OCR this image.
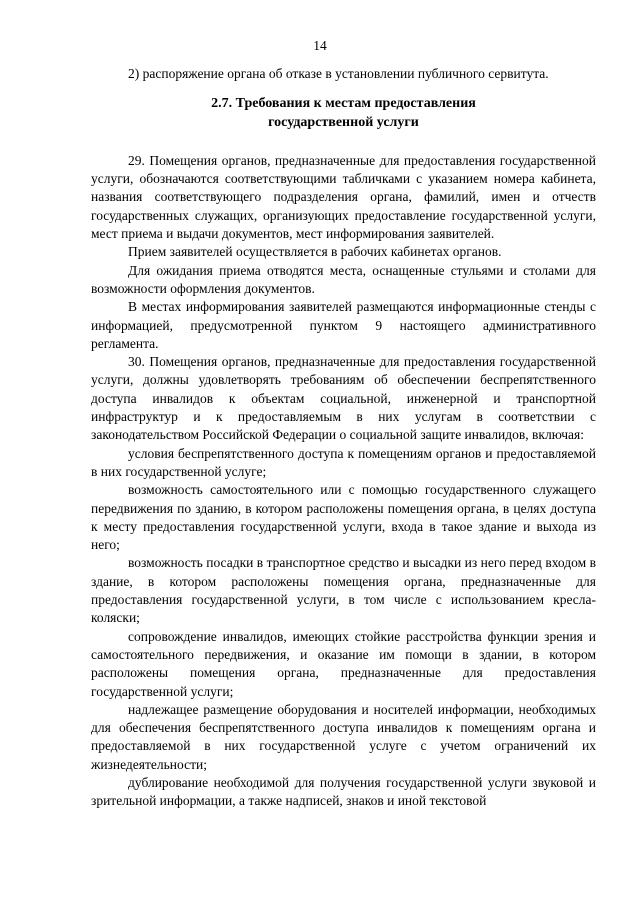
14

2) распоряжение органа об отказе в установлении публичного сервитута.

2.7. Требования к местам предоставления
государственной услуги

29. Помещения органов, предназначенные для предоставления государственной услуги, обозначаются соответствующими табличками с указанием номера кабинета, названия соответствующего подразделения органа, фамилий, имен и отчеств государственных служащих, организующих предоставление государственной услуги, мест приема и выдачи документов, мест информирования заявителей.

Прием заявителей осуществляется в рабочих кабинетах органов.

Для ожидания приема отводятся места, оснащенные стульями и столами для возможности оформления документов.

В местах информирования заявителей размещаются информационные стенды с информацией, предусмотренной пунктом 9 настоящего административного регламента.

30. Помещения органов, предназначенные для предоставления государственной услуги, должны удовлетворять требованиям об обеспечении беспрепятственного доступа инвалидов к объектам социальной, инженерной и транспортной инфраструктур и к предоставляемым в них услугам в соответствии с законодательством Российской Федерации о социальной защите инвалидов, включая:

условия беспрепятственного доступа к помещениям органов и предоставляемой в них государственной услуге;

возможность самостоятельного или с помощью государственного служащего передвижения по зданию, в котором расположены помещения органа, в целях доступа к месту предоставления государственной услуги, входа в такое здание и выхода из него;

возможность посадки в транспортное средство и высадки из него перед входом в здание, в котором расположены помещения органа, предназначенные для предоставления государственной услуги, в том числе с использованием кресла-коляски;

сопровождение инвалидов, имеющих стойкие расстройства функции зрения и самостоятельного передвижения, и оказание им помощи в здании, в котором расположены помещения органа, предназначенные для предоставления государственной услуги;

надлежащее размещение оборудования и носителей информации, необходимых для обеспечения беспрепятственного доступа инвалидов к помещениям органа и предоставляемой в них государственной услуге с учетом ограничений их жизнедеятельности;

дублирование необходимой для получения государственной услуги звуковой и зрительной информации, а также надписей, знаков и иной текстовой
